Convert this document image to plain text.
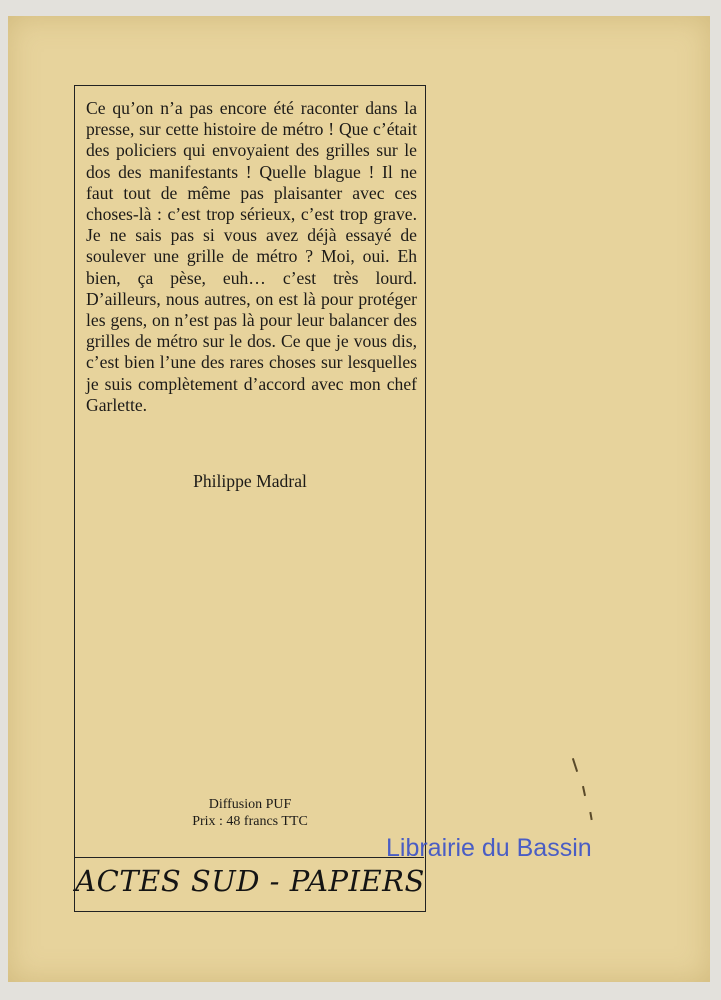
Ce qu’on n’a pas encore été raconter dans la presse, sur cette histoire de métro ! Que c’était des policiers qui envoyaient des grilles sur le dos des manifestants ! Quelle blague ! Il ne faut tout de même pas plaisanter avec ces choses-là : c’est trop sérieux, c’est trop grave. Je ne sais pas si vous avez déjà essayé de soulever une grille de métro ? Moi, oui. Eh bien, ça pèse, euh… c’est très lourd. D’ailleurs, nous autres, on est là pour protéger les gens, on n’est pas là pour leur balancer des grilles de métro sur le dos. Ce que je vous dis, c’est bien l’une des rares choses sur lesquelles je suis complètement d’accord avec mon chef Garlette.

Philippe Madral
Diffusion PUF
Prix : 48 francs TTC
ACTES SUD - PAPIERS
Librairie du Bassin
